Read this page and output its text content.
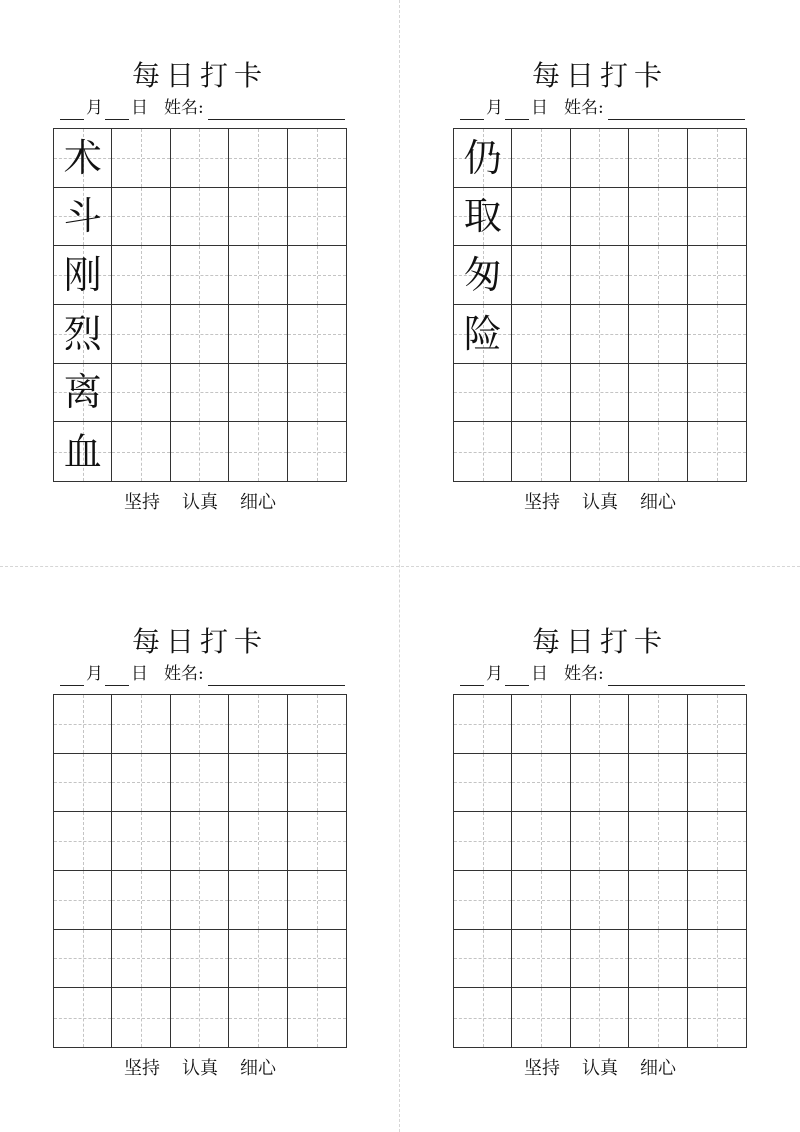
每日打卡
月 日 姓名:
术
斗
刚
烈
离
血
坚持 认真 细心
每日打卡
月 日 姓名:
仍
取
匆
险
坚持 认真 细心
每日打卡
月 日 姓名:
坚持 认真 细心
每日打卡
月 日 姓名:
坚持 认真 细心
